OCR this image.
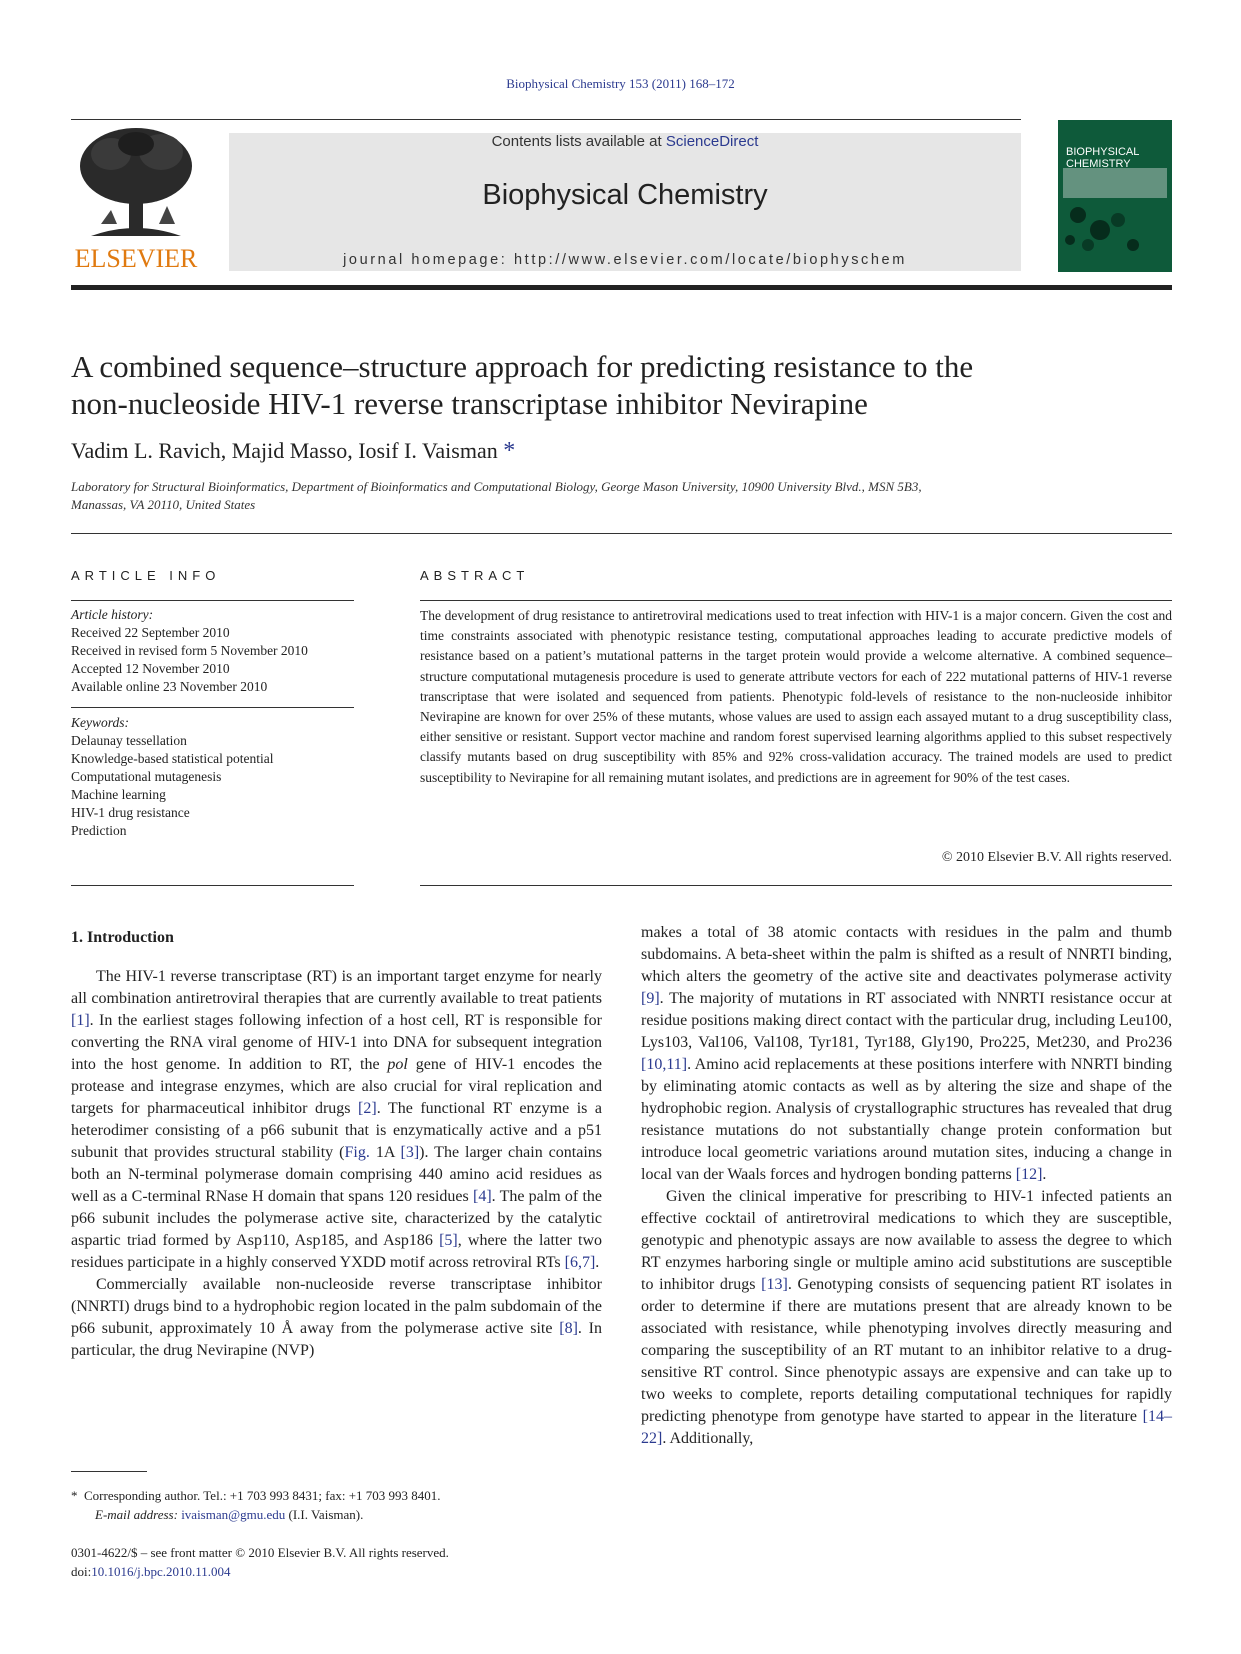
Biophysical Chemistry 153 (2011) 168–172
ELSEVIER
Contents lists available at ScienceDirect
Biophysical Chemistry
journal homepage: http://www.elsevier.com/locate/biophyschem
BIOPHYSICAL
CHEMISTRY
A combined sequence–structure approach for predicting resistance to the
non-nucleoside HIV-1 reverse transcriptase inhibitor Nevirapine
Vadim L. Ravich, Majid Masso, Iosif I. Vaisman *
Laboratory for Structural Bioinformatics, Department of Bioinformatics and Computational Biology, George Mason University, 10900 University Blvd., MSN 5B3,
Manassas, VA 20110, United States
ARTICLE INFO
Article history:
Received 22 September 2010
Received in revised form 5 November 2010
Accepted 12 November 2010
Available online 23 November 2010
Keywords:
Delaunay tessellation
Knowledge-based statistical potential
Computational mutagenesis
Machine learning
HIV-1 drug resistance
Prediction
ABSTRACT
The development of drug resistance to antiretroviral medications used to treat infection with HIV-1 is a major concern. Given the cost and time constraints associated with phenotypic resistance testing, computational approaches leading to accurate predictive models of resistance based on a patient’s mutational patterns in the target protein would provide a welcome alternative. A combined sequence–structure computational mutagenesis procedure is used to generate attribute vectors for each of 222 mutational patterns of HIV-1 reverse transcriptase that were isolated and sequenced from patients. Phenotypic fold-levels of resistance to the non-nucleoside inhibitor Nevirapine are known for over 25% of these mutants, whose values are used to assign each assayed mutant to a drug susceptibility class, either sensitive or resistant. Support vector machine and random forest supervised learning algorithms applied to this subset respectively classify mutants based on drug susceptibility with 85% and 92% cross-validation accuracy. The trained models are used to predict susceptibility to Nevirapine for all remaining mutant isolates, and predictions are in agreement for 90% of the test cases.
© 2010 Elsevier B.V. All rights reserved.
1. Introduction

The HIV-1 reverse transcriptase (RT) is an important target enzyme for nearly all combination antiretroviral therapies that are currently available to treat patients [1]. In the earliest stages following infection of a host cell, RT is responsible for converting the RNA viral genome of HIV-1 into DNA for subsequent integration into the host genome. In addition to RT, the pol gene of HIV-1 encodes the protease and integrase enzymes, which are also crucial for viral replication and targets for pharmaceutical inhibitor drugs [2]. The functional RT enzyme is a heterodimer consisting of a p66 subunit that is enzymatically active and a p51 subunit that provides structural stability (Fig. 1A [3]). The larger chain contains both an N-terminal polymerase domain comprising 440 amino acid residues as well as a C-terminal RNase H domain that spans 120 residues [4]. The palm of the p66 subunit includes the polymerase active site, characterized by the catalytic aspartic triad formed by Asp110, Asp185, and Asp186 [5], where the latter two residues participate in a highly conserved YXDD motif across retroviral RTs [6,7].

Commercially available non-nucleoside reverse transcriptase inhibitor (NNRTI) drugs bind to a hydrophobic region located in the palm subdomain of the p66 subunit, approximately 10 Å away from the polymerase active site [8]. In particular, the drug Nevirapine (NVP)

makes a total of 38 atomic contacts with residues in the palm and thumb subdomains. A beta-sheet within the palm is shifted as a result of NNRTI binding, which alters the geometry of the active site and deactivates polymerase activity [9]. The majority of mutations in RT associated with NNRTI resistance occur at residue positions making direct contact with the particular drug, including Leu100, Lys103, Val106, Val108, Tyr181, Tyr188, Gly190, Pro225, Met230, and Pro236 [10,11]. Amino acid replacements at these positions interfere with NNRTI binding by eliminating atomic contacts as well as by altering the size and shape of the hydrophobic region. Analysis of crystallographic structures has revealed that drug resistance mutations do not substantially change protein conformation but introduce local geometric variations around mutation sites, inducing a change in local van der Waals forces and hydrogen bonding patterns [12].

Given the clinical imperative for prescribing to HIV-1 infected patients an effective cocktail of antiretroviral medications to which they are susceptible, genotypic and phenotypic assays are now available to assess the degree to which RT enzymes harboring single or multiple amino acid substitutions are susceptible to inhibitor drugs [13]. Genotyping consists of sequencing patient RT isolates in order to determine if there are mutations present that are already known to be associated with resistance, while phenotyping involves directly measuring and comparing the susceptibility of an RT mutant to an inhibitor relative to a drug-sensitive RT control. Since phenotypic assays are expensive and can take up to two weeks to complete, reports detailing computational techniques for rapidly predicting phenotype from genotype have started to appear in the literature [14–22]. Additionally,

* Corresponding author. Tel.: +1 703 993 8431; fax: +1 703 993 8401.
E-mail address: ivaisman@gmu.edu (I.I. Vaisman).
0301-4622/$ – see front matter © 2010 Elsevier B.V. All rights reserved.
doi:10.1016/j.bpc.2010.11.004
